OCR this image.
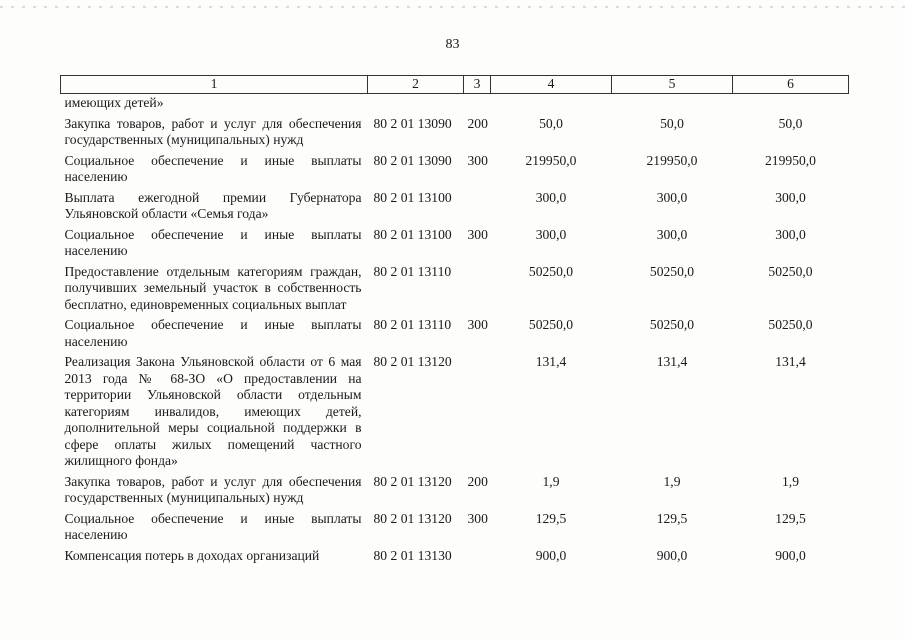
83
1	2	3	4	5	6
имеющих детей»					
Закупка товаров, работ и услуг для обеспечения государственных (муниципальных) нужд	80 2 01 13090	200	50,0	50,0	50,0
Социальное обеспечение и иные выплаты населению	80 2 01 13090	300	219950,0	219950,0	219950,0
Выплата ежегодной премии Губернатора Ульяновской области «Семья года»	80 2 01 13100		300,0	300,0	300,0
Социальное обеспечение и иные выплаты населению	80 2 01 13100	300	300,0	300,0	300,0
Предоставление отдельным категориям граждан, получивших земельный участок в собственность бесплатно, единовременных социальных выплат	80 2 01 13110		50250,0	50250,0	50250,0
Социальное обеспечение и иные выплаты населению	80 2 01 13110	300	50250,0	50250,0	50250,0
Реализация Закона Ульяновской области от 6 мая 2013 года № 68-ЗО «О предоставлении на территории Ульяновской области отдельным категориям инвалидов, имеющих детей, дополнительной меры социальной поддержки в сфере оплаты жилых помещений частного жилищного фонда»	80 2 01 13120		131,4	131,4	131,4
Закупка товаров, работ и услуг для обеспечения государственных (муниципальных) нужд	80 2 01 13120	200	1,9	1,9	1,9
Социальное обеспечение и иные выплаты населению	80 2 01 13120	300	129,5	129,5	129,5
Компенсация потерь в доходах организаций	80 2 01 13130		900,0	900,0	900,0
